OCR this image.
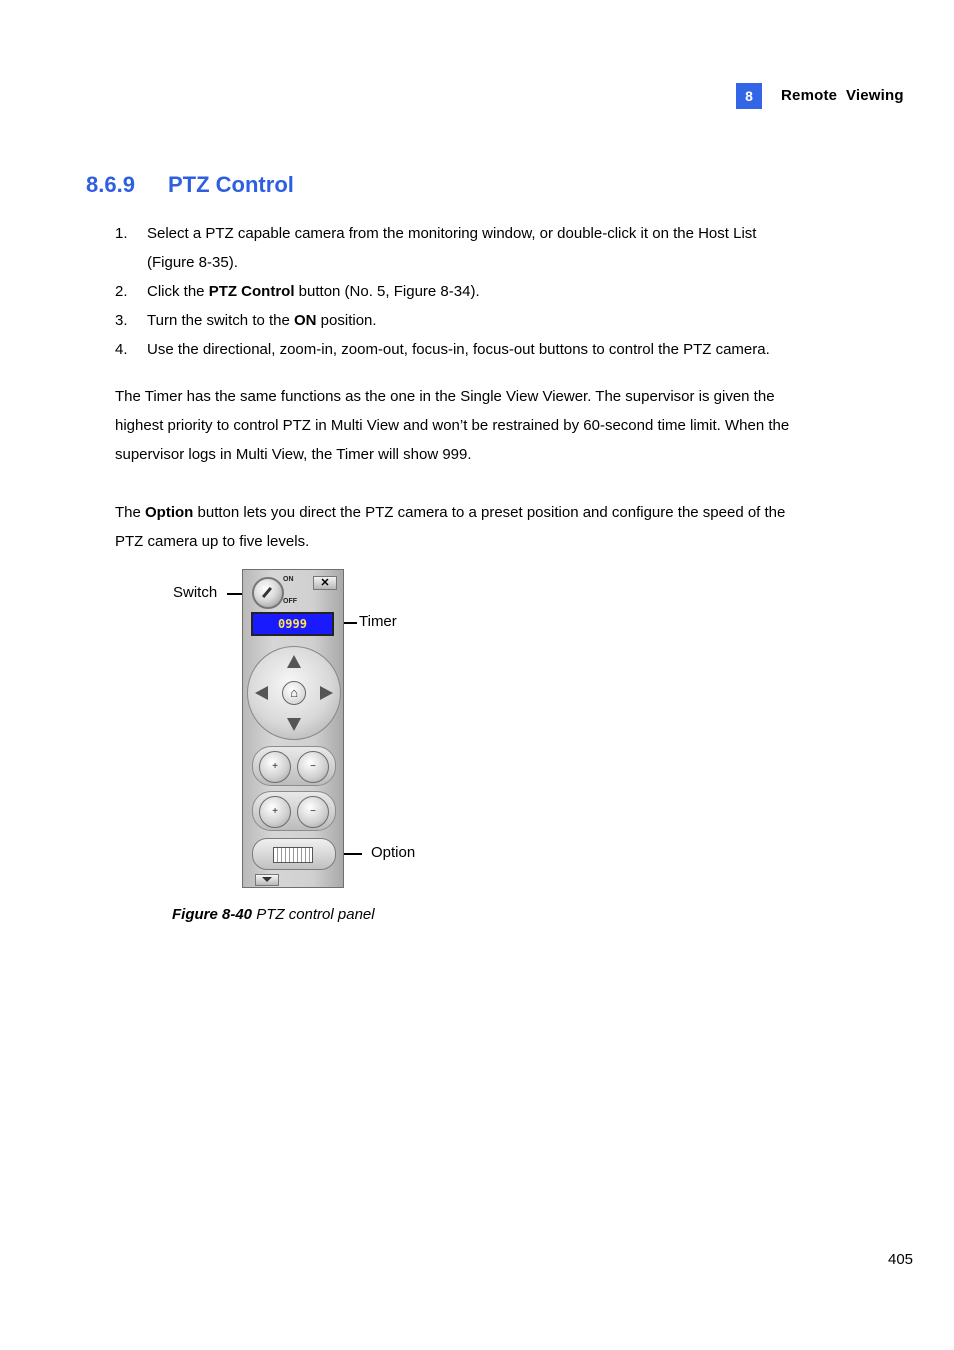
8	Remote  Viewing
8.6.9 PTZ Control
1. Select a PTZ capable camera from the monitoring window, or double-click it on the Host List
(Figure 8-35).
2. Click the PTZ Control button (No. 5, Figure 8-34).
3. Turn the switch to the ON position.
4. Use the directional, zoom-in, zoom-out, focus-in, focus-out buttons to control the PTZ camera.
The Timer has the same functions as the one in the Single View Viewer. The supervisor is given the
highest priority to control PTZ in Multi View and won’t be restrained by 60-second time limit. When the
supervisor logs in Multi View, the Timer will show 999.
The Option button lets you direct the PTZ camera to a preset position and configure the speed of the
PTZ camera up to five levels.
Switch
Timer
Option
ON
OFF
✕
0999
⌂
+	−
+	−
Figure 8-40 PTZ control panel
405
